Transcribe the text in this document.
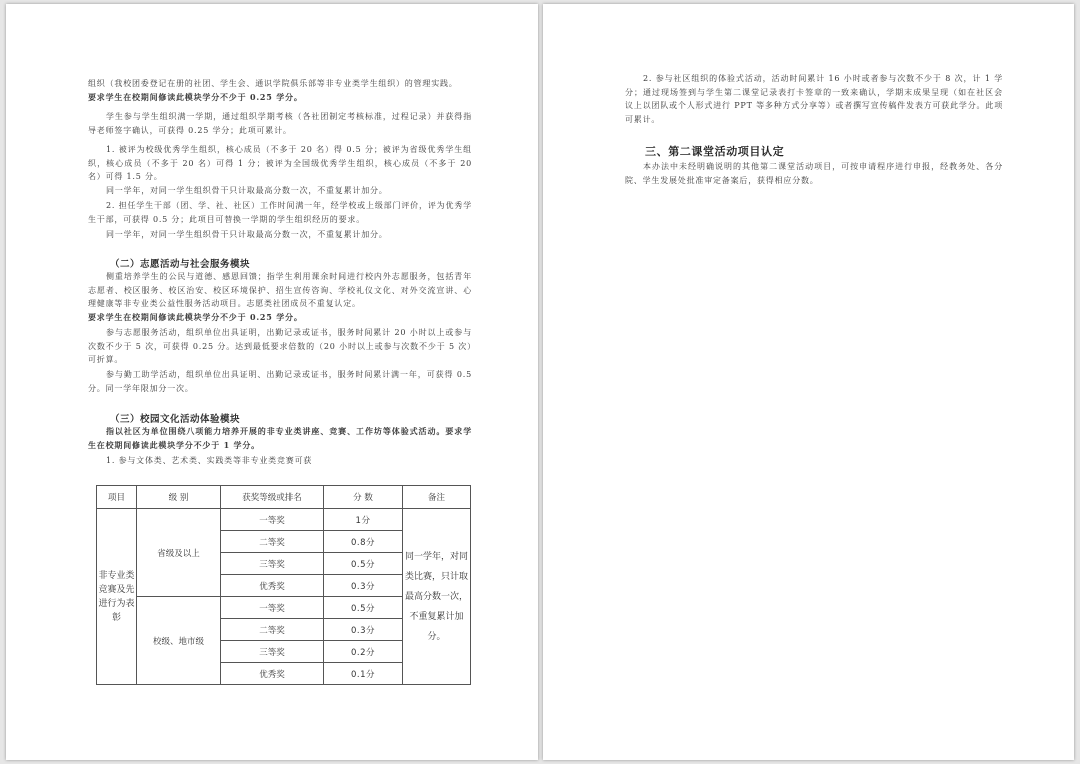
组织（我校团委登记在册的社团、学生会、通识学院俱乐部等非专业类学生组织）的管理实践。

要求学生在校期间修读此模块学分不少于 0.25 学分。

学生参与学生组织满一学期，通过组织学期考核（各社团制定考核标准，过程记录）并获得指导老师签字确认，可获得 0.25 学分；此项可累计。

1. 被评为校级优秀学生组织，核心成员（不多于 20 名）得 0.5 分；被评为省级优秀学生组织，核心成员（不多于 20 名）可得 1 分；被评为全国级优秀学生组织，核心成员（不多于 20 名）可得 1.5 分。

同一学年，对同一学生组织骨干只计取最高分数一次，不重复累计加分。

2. 担任学生干部（团、学、社、社区）工作时间满一年，经学校或上级部门评价，评为优秀学生干部，可获得 0.5 分；此项目可替换一学期的学生组织经历的要求。

同一学年，对同一学生组织骨干只计取最高分数一次，不重复累计加分。

（二）志愿活动与社会服务模块

侧重培养学生的公民与道德、感恩回馈；指学生利用课余时间进行校内外志愿服务，包括青年志愿者、校区服务、校区治安、校区环境保护、招生宣传咨询、学校礼仪文化、对外交流宣讲、心理健康等非专业类公益性服务活动项目。志愿类社团成员不重复认定。

要求学生在校期间修读此模块学分不少于 0.25 学分。

参与志愿服务活动，组织单位出具证明，出勤记录或证书，服务时间累计 20 小时以上或参与次数不少于 5 次，可获得 0.25 分。达到最低要求倍数的（20 小时以上或参与次数不少于 5 次）可折算。

参与勤工助学活动，组织单位出具证明、出勤记录或证书，服务时间累计满一年，可获得 0.5 分。同一学年限加分一次。

（三）校园文化活动体验模块

指以社区为单位围绕八项能力培养开展的非专业类讲座、竞赛、工作坊等体验式活动。要求学生在校期间修读此模块学分不少于 1 学分。

1. 参与文体类、艺术类、实践类等非专业类竞赛可获

项目	级 别	获奖等级或排名	分 数	备注
非专业类竞赛及先进行为表彰	省级及以上	一等奖	1分	同一学年，对同类比赛，只计取最高分数一次，不重复累计加分。
		二等奖	0.8分	
		三等奖	0.5分	
		优秀奖	0.3分	
	校级、地市级	一等奖	0.5分	
		二等奖	0.3分	
		三等奖	0.2分	
		优秀奖	0.1分	

2. 参与社区组织的体验式活动，活动时间累计 16 小时或者参与次数不少于 8 次，计 1 学分；通过现场签到与学生第二课堂记录表打卡签章的一致来确认，学期末成果呈现（如在社区会议上以团队或个人形式进行 PPT 等多种方式分享等）或者撰写宣传稿件发表方可获此学分。此项可累计。

三、第二课堂活动项目认定

本办法中未经明确说明的其他第二课堂活动项目，可按申请程序进行申报，经教务处、各分院、学生发展处批准审定备案后，获得相应分数。
